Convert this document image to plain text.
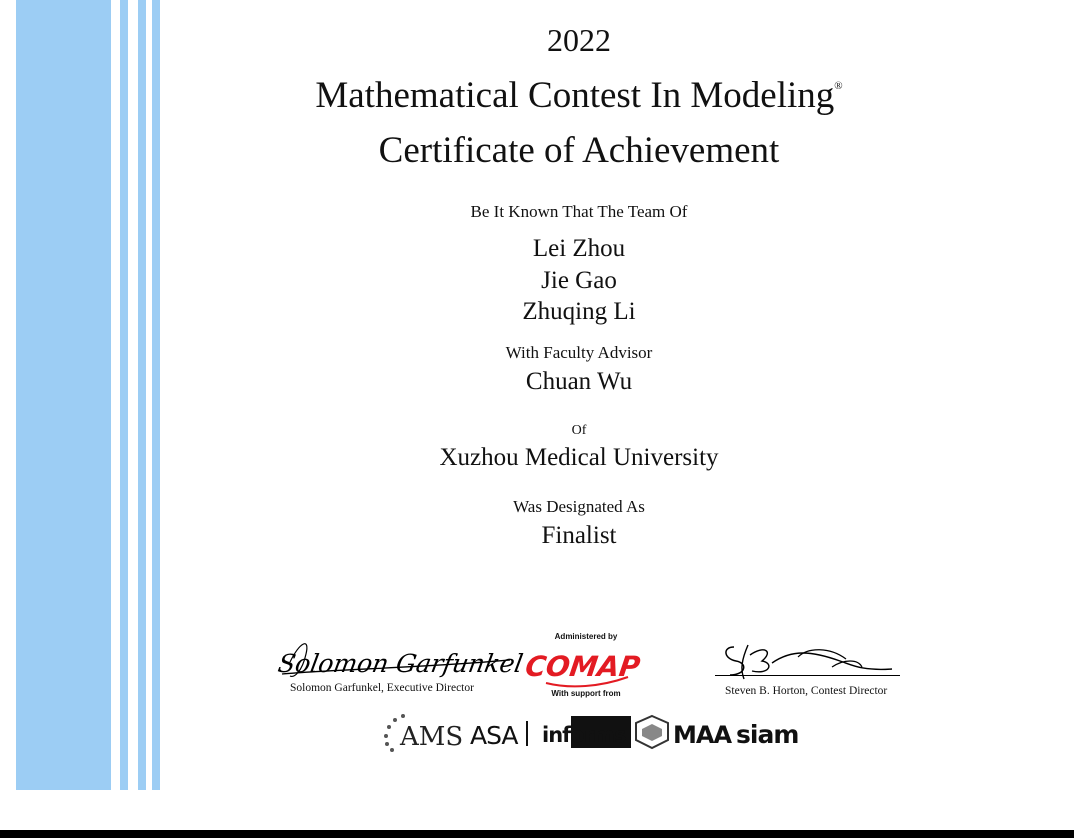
2022
Mathematical Contest In Modeling®
Certificate of Achievement
Be It Known That The Team Of
Lei Zhou
Jie Gao
Zhuqing Li
With Faculty Advisor
Chuan Wu
Of
Xuzhou Medical University
Was Designated As
Finalist
Solomon Garfunkel
Solomon Garfunkel, Executive Director	Steven B. Horton, Contest Director
Administered by
COMAP
With support from
AMS ASA informs MAA siam
